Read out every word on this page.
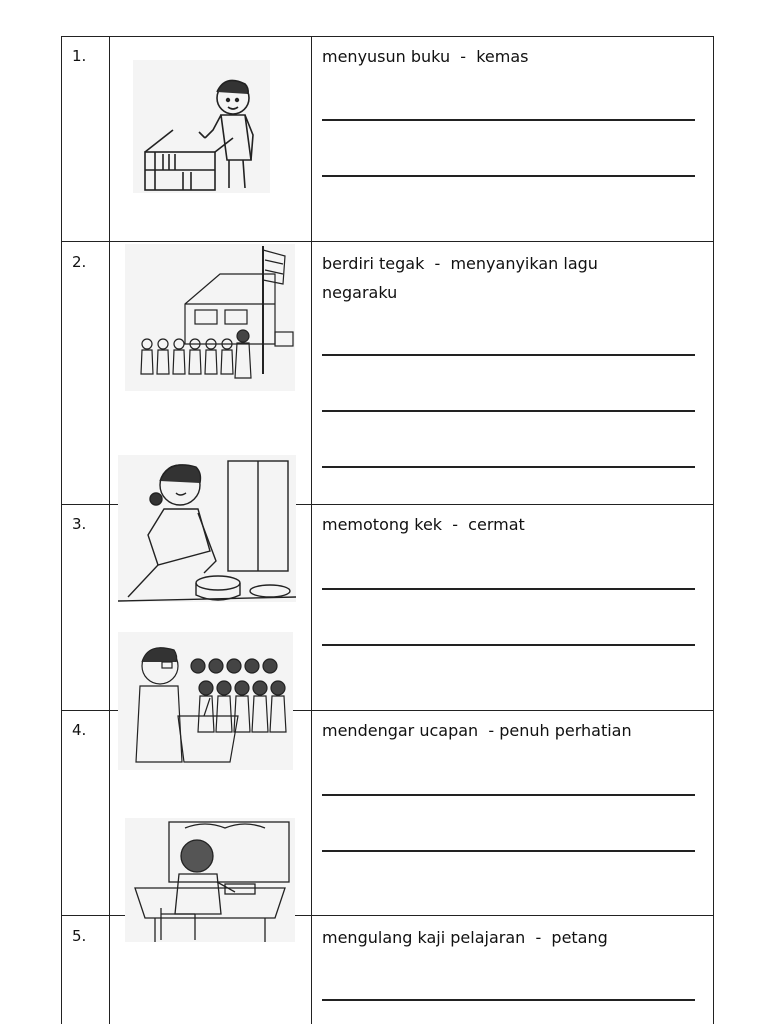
1.
2.
3.
4.
5.
menyusun buku  -  kemas
berdiri tegak  -  menyanyikan lagu
negaraku
memotong kek  -  cermat
mendengar ucapan  - penuh perhatian
mengulang kaji pelajaran  -  petang
